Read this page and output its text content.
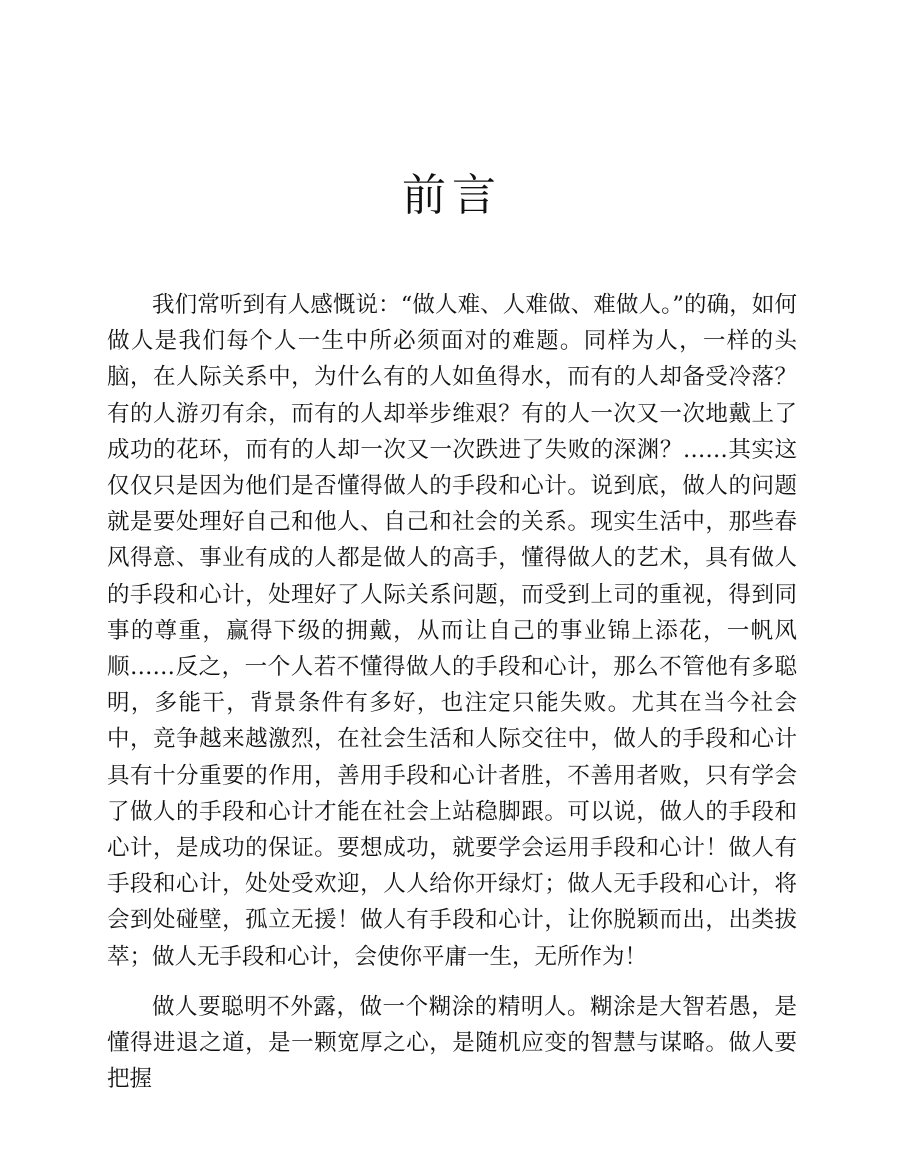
前言

我们常听到有人感慨说：“做人难、人难做、难做人。”的确，如何做人是我们每个人一生中所必须面对的难题。同样为人，一样的头脑，在人际关系中，为什么有的人如鱼得水，而有的人却备受冷落？有的人游刃有余，而有的人却举步维艰？有的人一次又一次地戴上了成功的花环，而有的人却一次又一次跌进了失败的深渊？……其实这仅仅只是因为他们是否懂得做人的手段和心计。说到底，做人的问题就是要处理好自己和他人、自己和社会的关系。现实生活中，那些春风得意、事业有成的人都是做人的高手，懂得做人的艺术，具有做人的手段和心计，处理好了人际关系问题，而受到上司的重视，得到同事的尊重，赢得下级的拥戴，从而让自己的事业锦上添花，一帆风顺……反之，一个人若不懂得做人的手段和心计，那么不管他有多聪明，多能干，背景条件有多好，也注定只能失败。尤其在当今社会中，竞争越来越激烈，在社会生活和人际交往中，做人的手段和心计具有十分重要的作用，善用手段和心计者胜，不善用者败，只有学会了做人的手段和心计才能在社会上站稳脚跟。可以说，做人的手段和心计，是成功的保证。要想成功，就要学会运用手段和心计！做人有手段和心计，处处受欢迎，人人给你开绿灯；做人无手段和心计，将会到处碰壁，孤立无援！做人有手段和心计，让你脱颖而出，出类拔萃；做人无手段和心计，会使你平庸一生，无所作为！

做人要聪明不外露，做一个糊涂的精明人。糊涂是大智若愚，是懂得进退之道，是一颗宽厚之心，是随机应变的智慧与谋略。做人要把握
